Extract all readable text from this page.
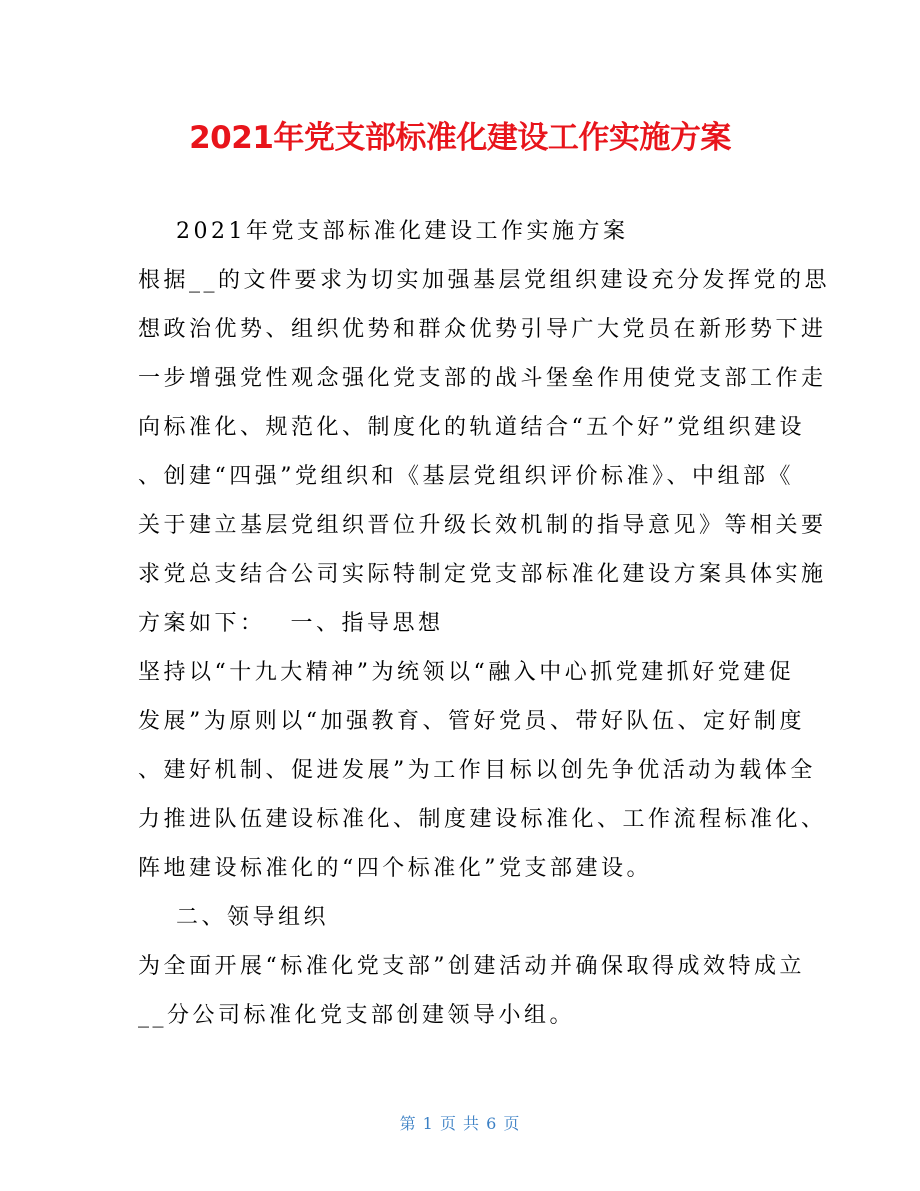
2021年党支部标准化建设工作实施方案
2021年党支部标准化建设工作实施方案
根据__的文件要求为切实加强基层党组织建设充分发挥党的思
想政治优势、组织优势和群众优势引导广大党员在新形势下进
一步增强党性观念强化党支部的战斗堡垒作用使党支部工作走
向标准化、规范化、制度化的轨道结合“五个好”党组织建设
、创建“四强”党组织和《基层党组织评价标准》、中组部《
关于建立基层党组织晋位升级长效机制的指导意见》等相关要
求党总支结合公司实际特制定党支部标准化建设方案具体实施
方案如下：　 一、指导思想
坚持以“十九大精神”为统领以“融入中心抓党建抓好党建促
发展”为原则以“加强教育、管好党员、带好队伍、定好制度
、建好机制、促进发展”为工作目标以创先争优活动为载体全
力推进队伍建设标准化、制度建设标准化、工作流程标准化、
阵地建设标准化的“四个标准化”党支部建设。
二、领导组织
为全面开展“标准化党支部”创建活动并确保取得成效特成立
__分公司标准化党支部创建领导小组。
第 1 页 共 6 页
